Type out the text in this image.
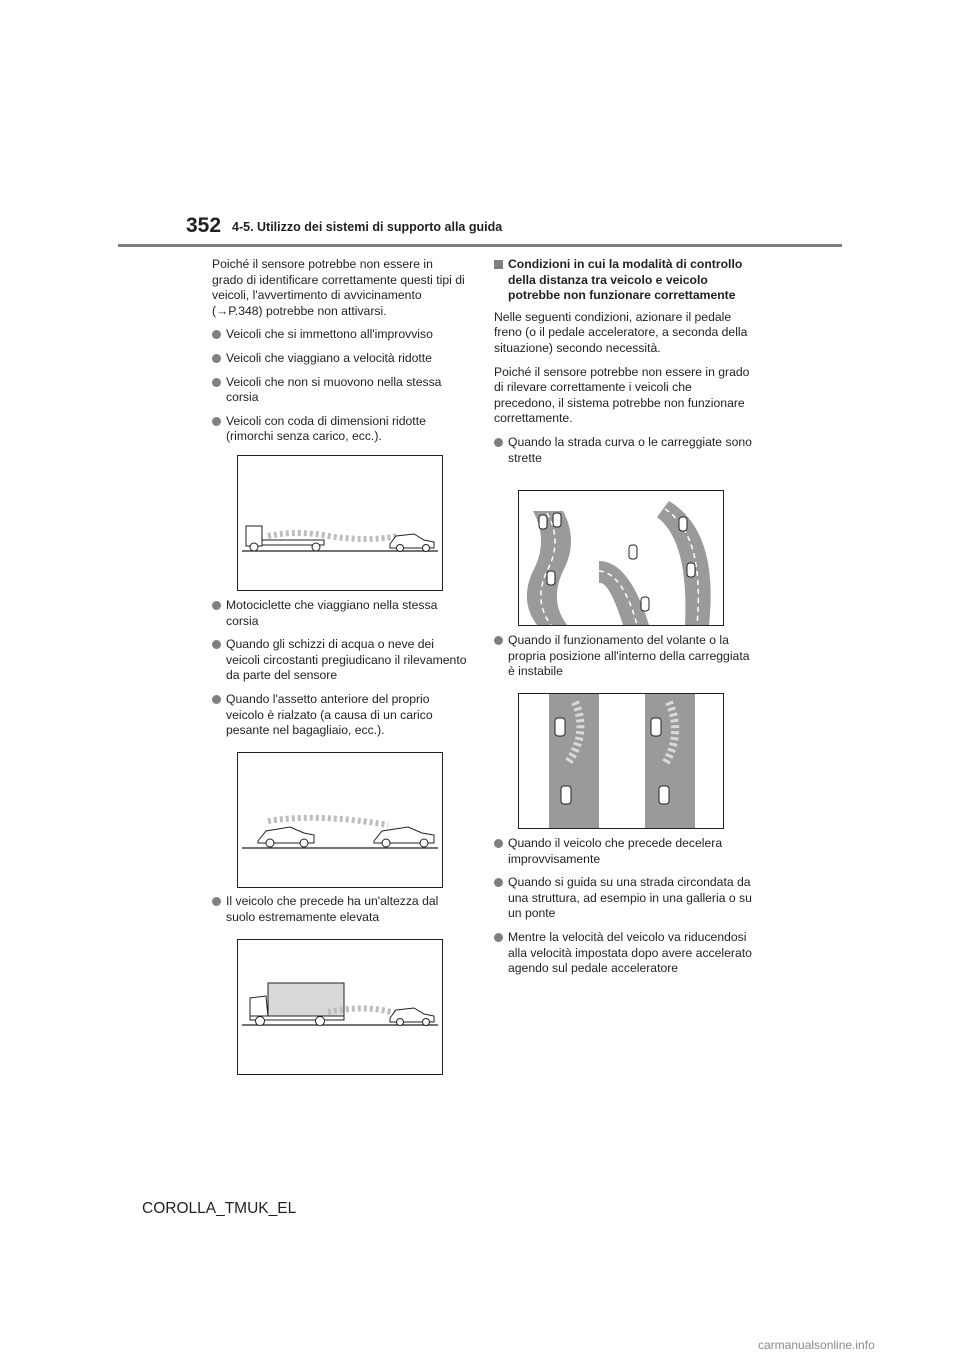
352 4-5. Utilizzo dei sistemi di supporto alla guida

Poiché il sensore potrebbe non essere in grado di identificare correttamente questi tipi di veicoli, l'avvertimento di avvicinamento (→P.348) potrebbe non attivarsi.

Veicoli che si immettono all'improvviso
Veicoli che viaggiano a velocità ridotte
Veicoli che non si muovono nella stessa corsia
Veicoli con coda di dimensioni ridotte (rimorchi senza carico, ecc.).
Motociclette che viaggiano nella stessa corsia
Quando gli schizzi di acqua o neve dei veicoli circostanti pregiudicano il rilevamento da parte del sensore
Quando l'assetto anteriore del proprio veicolo è rialzato (a causa di un carico pesante nel bagagliaio, ecc.).
Il veicolo che precede ha un'altezza dal suolo estremamente elevata
Condizioni in cui la modalità di controllo della distanza tra veicolo e veicolo potrebbe non funzionare correttamente

Nelle seguenti condizioni, azionare il pedale freno (o il pedale acceleratore, a seconda della situazione) secondo necessità.

Poiché il sensore potrebbe non essere in grado di rilevare correttamente i veicoli che precedono, il sistema potrebbe non funzionare correttamente.

Quando la strada curva o le carreggiate sono strette
Quando il funzionamento del volante o la propria posizione all'interno della carreggiata è instabile
Quando il veicolo che precede decelera improvvisamente
Quando si guida su una strada circondata da una struttura, ad esempio in una galleria o su un ponte
Mentre la velocità del veicolo va riducendosi alla velocità impostata dopo avere accelerato agendo sul pedale acceleratore
COROLLA_TMUK_EL
carmanualsonline.info
